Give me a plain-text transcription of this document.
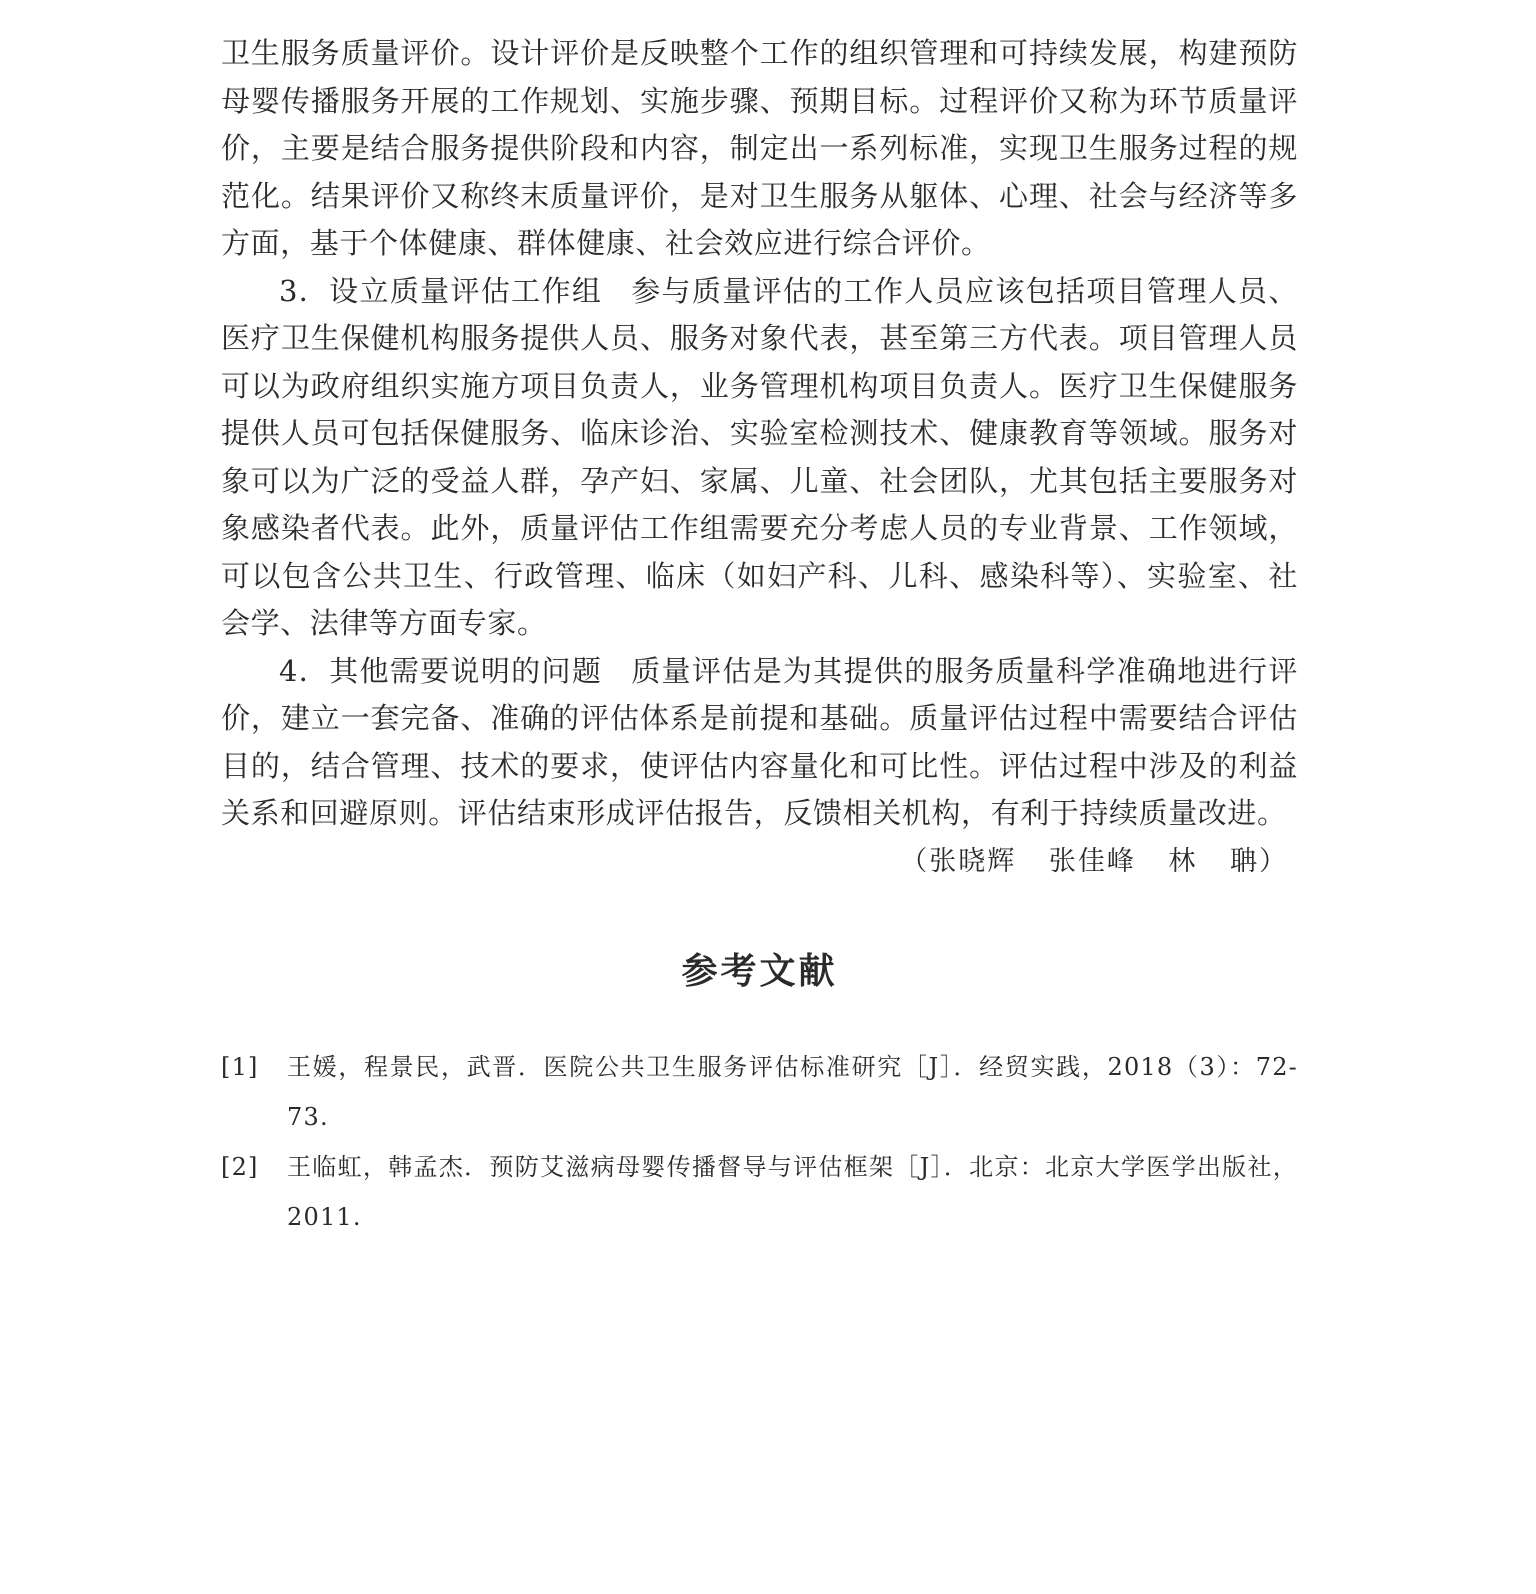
卫生服务质量评价。设计评价是反映整个工作的组织管理和可持续发展，构建预防母婴传播服务开展的工作规划、实施步骤、预期目标。过程评价又称为环节质量评价，主要是结合服务提供阶段和内容，制定出一系列标准，实现卫生服务过程的规范化。结果评价又称终末质量评价，是对卫生服务从躯体、心理、社会与经济等多方面，基于个体健康、群体健康、社会效应进行综合评价。

3．设立质量评估工作组 参与质量评估的工作人员应该包括项目管理人员、医疗卫生保健机构服务提供人员、服务对象代表，甚至第三方代表。项目管理人员可以为政府组织实施方项目负责人，业务管理机构项目负责人。医疗卫生保健服务提供人员可包括保健服务、临床诊治、实验室检测技术、健康教育等领域。服务对象可以为广泛的受益人群，孕产妇、家属、儿童、社会团队，尤其包括主要服务对象感染者代表。此外，质量评估工作组需要充分考虑人员的专业背景、工作领域，可以包含公共卫生、行政管理、临床（如妇产科、儿科、感染科等）、实验室、社会学、法律等方面专家。

4．其他需要说明的问题 质量评估是为其提供的服务质量科学准确地进行评价，建立一套完备、准确的评估体系是前提和基础。质量评估过程中需要结合评估目的，结合管理、技术的要求，使评估内容量化和可比性。评估过程中涉及的利益关系和回避原则。评估结束形成评估报告，反馈相关机构，有利于持续质量改进。

（张晓辉 张佳峰 林 聃）

参考文献
[1]	王媛，程景民，武晋．医院公共卫生服务评估标准研究［J］．经贸实践，2018（3）：72-73.
[2]	王临虹，韩孟杰．预防艾滋病母婴传播督导与评估框架［J］．北京：北京大学医学出版社，2011.
